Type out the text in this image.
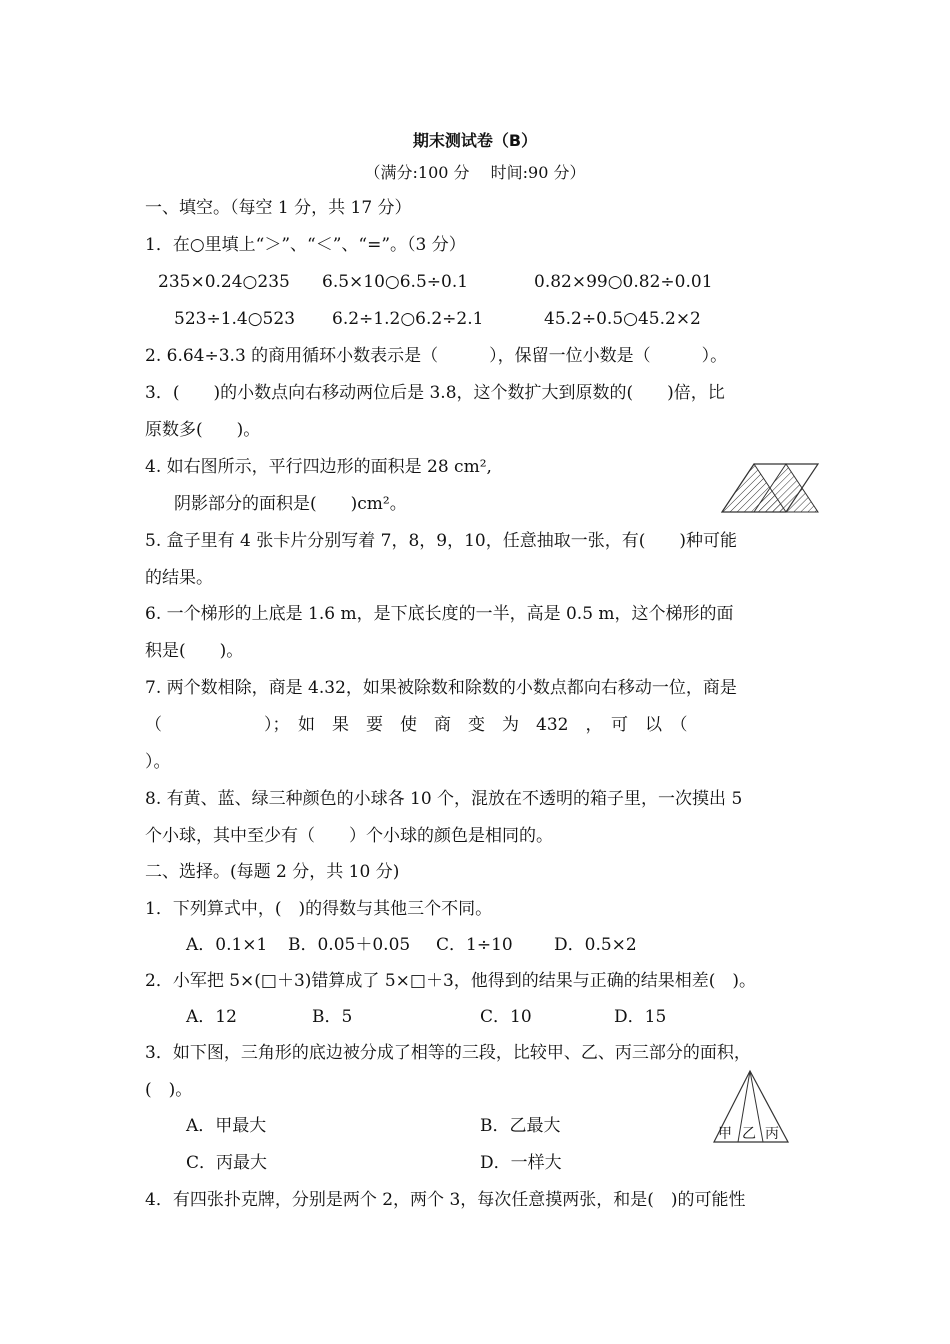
期末测试卷（B）
（满分:100 分　 时间:90 分）
一、填空。（每空 1 分，共 17 分）
1．在○里填上“＞”、“＜”、“=”。（3 分）
235×0.24○235 6.5×10○6.5÷0.1	0.82×99○0.82÷0.01
523÷1.4○523 6.2÷1.2○6.2÷2.1	45.2÷0.5○45.2×2
2. 6.64÷3.3 的商用循环小数表示是（　　　），保留一位小数是（　　　）。
3．(　　)的小数点向右移动两位后是 3.8，这个数扩大到原数的(　　)倍，比
原数多(　　)。
4. 如右图所示，平行四边形的面积是 28 cm²,
阴影部分的面积是(　　)cm²。
5. 盒子里有 4 张卡片分别写着 7，8，9，10，任意抽取一张，有(　　)种可能
的结果。
6. 一个梯形的上底是 1.6 m，是下底长度的一半，高是 0.5 m，这个梯形的面
积是(　　)。
7. 两个数相除，商是 4.32，如果被除数和除数的小数点都向右移动一位，商是
（　　　　　　）；　如　果　要　使　商　变　为　432　，　可　以　（
）。
8. 有黄、蓝、绿三种颜色的小球各 10 个，混放在不透明的箱子里，一次摸出 5
个小球，其中至少有（　　）个小球的颜色是相同的。
二、选择。(每题 2 分，共 10 分)
1．下列算式中，(　)的得数与其他三个不同。
A．0.1×1 B．0.05＋0.05 C．1÷10 D．0.5×2
2．小军把 5×(□＋3)错算成了 5×□＋3，他得到的结果与正确的结果相差(　)。
A．12	B．5	C．10	D．15
3．如下图，三角形的底边被分成了相等的三段，比较甲、乙、丙三部分的面积，
(　)。
A．甲最大	B．乙最大
C．丙最大	D．一样大
甲 乙 丙
4．有四张扑克牌，分别是两个 2，两个 3，每次任意摸两张，和是(　)的可能性
